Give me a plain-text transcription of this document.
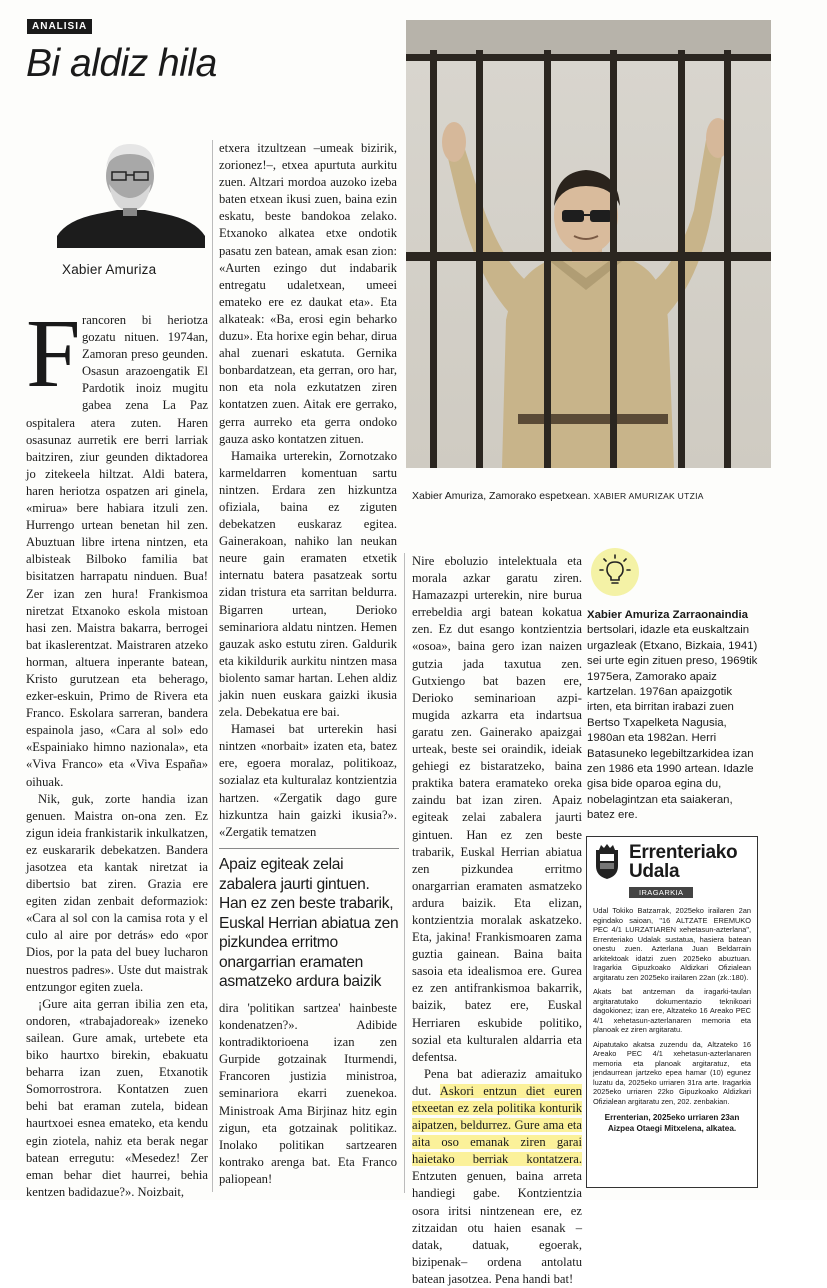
ANALISIA
Bi aldiz hila
Xabier Amuriza
F rancoren bi heriotza gozatu nituen. 1974an, Zamoran preso geunden. Osasun arazoengatik El Pardotik inoiz mugitu gabea zena La Paz ospitalera atera zuten. Haren osasunaz aurretik ere berri larriak baitziren, ziur geunden diktadorea jo zitekeela hiltzat. Aldi batera, haren heriotza ospatzen ari ginela, «mirua» bere habiara itzuli zen. Hurrengo urtean benetan hil zen. Abuztuan libre irtena nintzen, eta albisteak Bilboko familia bat bisitatzen harrapatu ninduen. Bua! Zer izan zen hura! Frankismoa niretzat Etxanoko eskola mistoan hasi zen. Maistra bakarra, berrogei bat ikaslerentzat. Maistraren atzeko horman, altuera inperante batean, Kristo gurutzean eta beherago, ezker-eskuin, Primo de Rivera eta Franco. Eskolara sarreran, bandera espainola jaso, «Cara al sol» edo «Espainiako himno nazionala», eta «Viva Franco» eta «Viva España» oihuak.

Nik, guk, zorte handia izan genuen. Maistra on-ona zen. Ez zigun ideia frankistarik inkulkatzen, ez euskararik debekatzen. Bandera jasotzea eta kantak niretzat ia dibertsio bat ziren. Grazia ere egiten zidan zenbait deformaziok: «Cara al sol con la camisa rota y el culo al aire por detrás» edo «por Dios, por la pata del buey lucharon nuestros padres». Uste dut maistrak entzungor egiten zuela.

¡Gure aita gerran ibilia zen eta, ondoren, «trabajadoreak» izeneko sailean. Gure amak, urtebete eta biko haurtxo birekin, ebakuatu beharra izan zuen, Etxanotik Somorrostrora. Kontatzen zuen behi bat eraman zutela, bidean haurtxoei esnea emateko, eta kendu egin ziotela, nahiz eta berak negar batean erregutu: «Mesedez! Zer eman behar diet haurrei, behia kentzen badidazue?». Noizbait,

etxera itzultzean –umeak bizirik, zorionez!–, etxea apurtuta aurkitu zuen. Altzari mordoa auzoko izeba baten etxean ikusi zuen, baina ezin eskatu, beste bandokoa zelako. Etxanoko alkatea etxe ondotik pasatu zen batean, amak esan zion: «Aurten ezingo dut indabarik entregatu udaletxean, umeei emateko ere ez daukat eta». Eta alkateak: «Ba, erosi egin beharko duzu». Eta horixe egin behar, dirua ahal zuenari eskatuta. Gernika bonbardatzean, eta gerran, oro har, non eta nola ezkutatzen ziren kontatzen zuen. Aitak ere gerrako, gerra aurreko eta gerra ondoko gauza asko kontatzen zituen.

Hamaika urterekin, Zornotzako karmeldarren komentuan sartu nintzen. Erdara zen hizkuntza ofiziala, baina ez ziguten debekatzen euskaraz egitea. Gainerakoan, nahiko lan neukan neure gain eramaten etxetik internatu batera pasatzeak sortu zidan tristura eta sarritan beldurra. Bigarren urtean, Derioko seminariora aldatu nintzen. Hemen gauzak asko estutu ziren. Galdurik eta kikildurik aurkitu nintzen masa biolento samar hartan. Lehen aldiz jakin nuen euskara gaizki ikusia zela. Debekatua ere bai.

Hamasei bat urterekin hasi nintzen «norbait» izaten eta, batez ere, egoera moralaz, politikoaz, sozialaz eta kulturalaz kontzientzia hartzen. «Zergatik dago gure hizkuntza hain gaizki ikusia?». «Zergatik tematzen

Apaiz egiteak zelai zabalera jaurti gintuen. Han ez zen beste trabarik, Euskal Herrian abiatua zen pizkundea erritmo onargarrian eramaten asmatzeko ardura baizik

dira 'politikan sartzea' hainbeste kondenatzen?». Adibide kontradiktorioena izan zen Gurpide gotzainak Iturmendi, Francoren justizia ministroa, seminariora ekarri zuenekoa. Ministroak Ama Birjinaz hitz egin zigun, eta gotzainak politikaz. Inolako politikan sartzearen kontrako arenga bat. Eta Franco paliopean!

Xabier Amuriza, Zamorako espetxean. XABIER AMURIZAK UTZIA

Nire eboluzio intelektuala eta morala azkar garatu ziren. Hamazazpi urterekin, nire burua errebeldia argi batean kokatua zen. Ez dut esango kontzientzia «osoa», baina gero izan naizen gutzia jada taxutua zen. Gutxiengo bat bazen ere, Derioko seminarioan azpi-mugida azkarra eta indartsua garatu zen. Gainerako apaizgai urteak, beste sei oraindik, ideiak gehiegi ez bistaratzeko, baina praktika batera eramateko oreka zaindu bat izan ziren. Apaiz egiteak zelai zabalera jaurti gintuen. Han ez zen beste trabarik, Euskal Herrian abiatua zen pizkundea erritmo onargarrian eramaten asmatzeko ardura baizik. Eta elizan, kontzientzia moralak askatzeko. Eta, jakina! Frankismoaren zama guztia gainean. Baina baita sasoia eta idealismoa ere. Gurea ez zen antifrankismoa bakarrik, baizik, batez ere, Euskal Herriaren eskubide politiko, sozial eta kulturalen aldarria eta defentsa.

Pena bat adieraziz amaituko dut. Askori entzun diet euren etxeetan ez zela politika konturik aipatzen, beldurrez. Gure ama eta aita oso emanak ziren garai haietako berriak kontatzera. Entzuten genuen, baina arreta handiegi gabe. Kontzientzia osora iritsi nintzenean ere, ez zitzaidan otu haien esanak –datak, datuak, egoerak, bizipenak– ordena antolatu batean jasotzea. Pena handi bat!

Xabier Amuriza Zarraonaindia
bertsolari, idazle eta euskaltzain urgazleak (Etxano, Bizkaia, 1941) sei urte egin zituen preso, 1969tik 1975era, Zamorako apaiz kartzelan. 1976an apaizgotik irten, eta birritan irabazi zuen Bertso Txapelketa Nagusia, 1980an eta 1982an. Herri Batasuneko legebiltzarkidea izan zen 1986 eta 1990 artean. Idazle gisa bide oparoa egina du, nobelagintzan eta saiakeran, batez ere.
Errenteriako
Udala
IRAGARKIA

Udal Tokiko Batzarrak, 2025eko irailaren 2an egindako saioan, "16 ALTZATE EREMUKO PEC 4/1 LURZATIAREN xehetasun-azterlana", Errenteriako Udalak sustatua, hasiera batean onestu zuen. Azterlana Juan Beldarrain arkitektoak idatzi zuen 2025eko abuztuan. Iragarkia Gipuzkoako Aldizkari Ofizialean argitaratu zen 2025eko irailaren 22an (zk.:180).

Akats bat antzeman da iragarki-taulan argitaratutako dokumentazio teknikoari dagokionez; izan ere, Altzateko 16 Areako PEC 4/1 xehetasun-azterlanaren memoria eta planoak ez ziren argitaratu.

Aipatutako akatsa zuzendu da, Altzateko 16 Areako PEC 4/1 xehetasun-azterlanaren memoria eta planoak argitaratuz, eta jendaurrean jartzeko epea hamar (10) egunez luzatu da, 2025eko urriaren 31ra arte. Iragarkia 2025eko urriaren 22ko Gipuzkoako Aldizkari Ofizialean argitaratu zen, 202. zenbakian.

Errenterian, 2025eko urriaren 23an
Aizpea Otaegi Mitxelena, alkatea.
